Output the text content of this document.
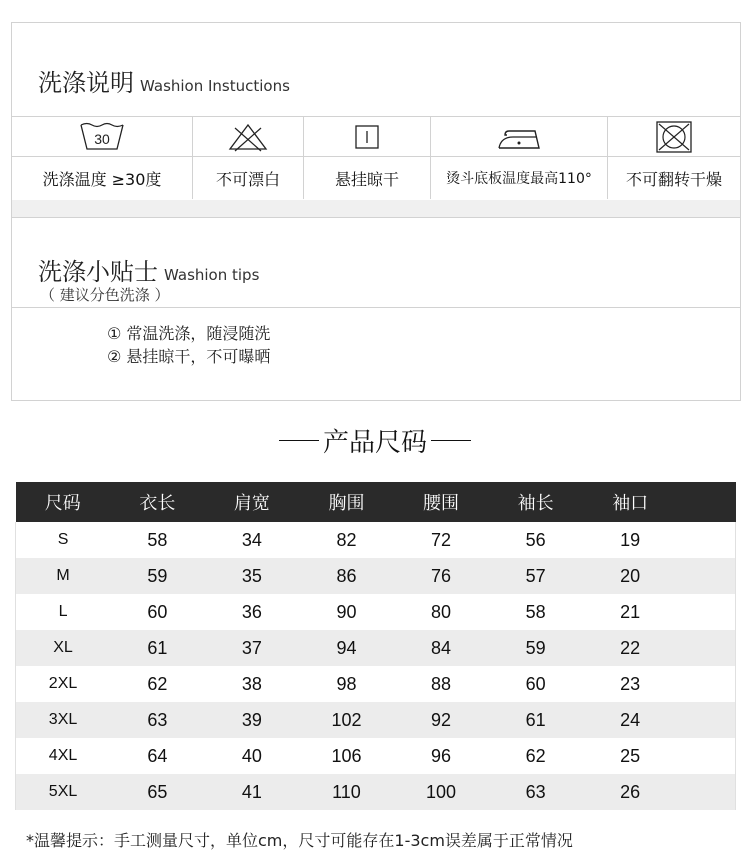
洗涤说明 Washion Instuctions
30
洗涤温度 ≥30度	不可漂白	悬挂晾干	烫斗底板温度最高110°	不可翻转干燥
洗涤小贴士 Washion tips
（ 建议分色洗涤 ）
① 常温洗涤，随浸随洗
② 悬挂晾干，不可曝晒
产品尺码
尺码	衣长	肩宽	胸围	腰围	袖长	袖口	
S	58	34	82	72	56	19	
M	59	35	86	76	57	20	
L	60	36	90	80	58	21	
XL	61	37	94	84	59	22	
2XL	62	38	98	88	60	23	
3XL	63	39	102	92	61	24	
4XL	64	40	106	96	62	25	
5XL	65	41	110	100	63	26	
*温馨提示：手工测量尺寸，单位cm，尺寸可能存在1-3cm误差属于正常情况
